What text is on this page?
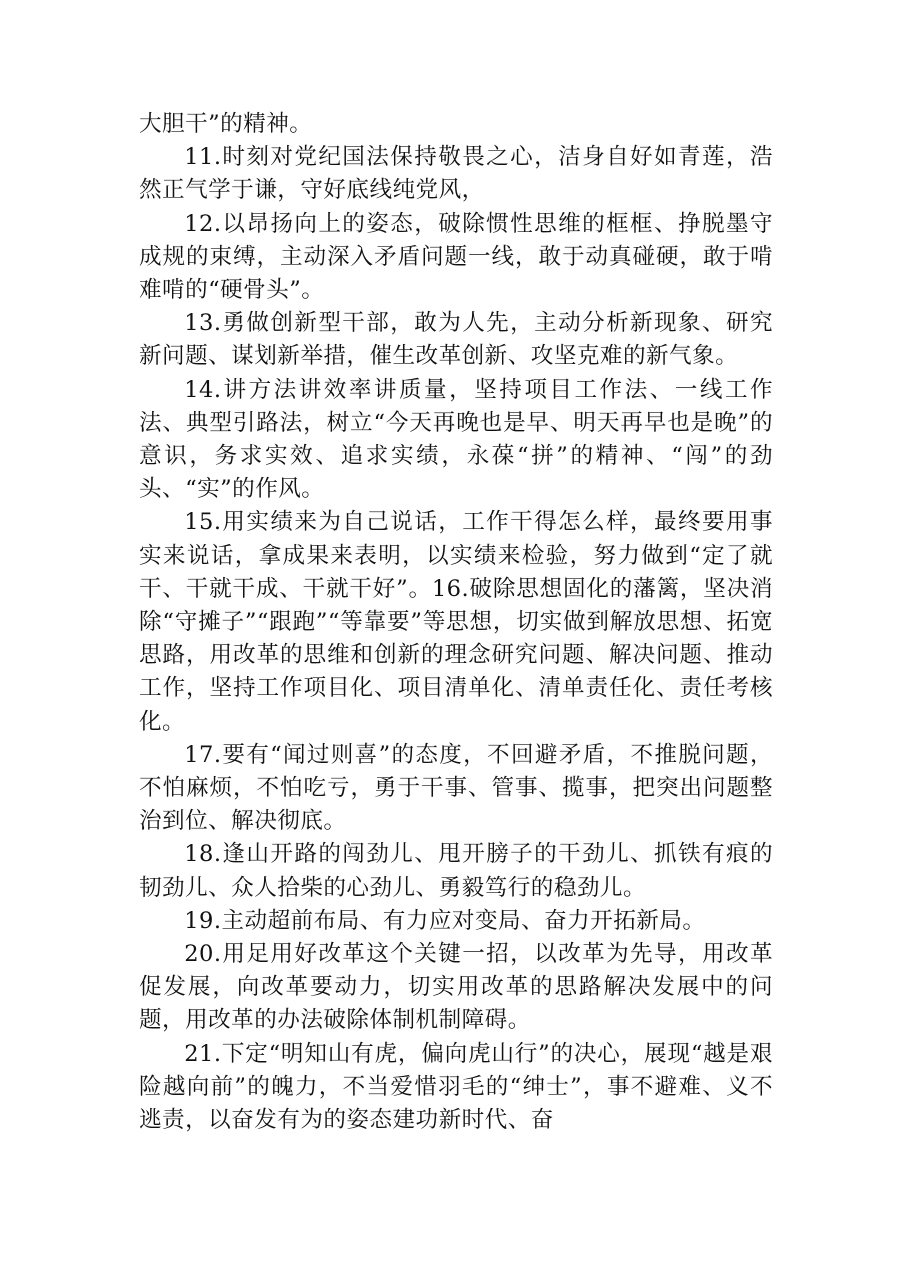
大胆干”的精神。

11.时刻对党纪国法保持敬畏之心，洁身自好如青莲，浩然正气学于谦，守好底线纯党风，

12.以昂扬向上的姿态，破除惯性思维的框框、挣脱墨守成规的束缚，主动深入矛盾问题一线，敢于动真碰硬，敢于啃难啃的“硬骨头”。

13.勇做创新型干部，敢为人先，主动分析新现象、研究新问题、谋划新举措，催生改革创新、攻坚克难的新气象。

14.讲方法讲效率讲质量，坚持项目工作法、一线工作法、典型引路法，树立“今天再晚也是早、明天再早也是晚”的意识，务求实效、追求实绩，永葆“拼”的精神、“闯”的劲头、“实”的作风。

15.用实绩来为自己说话，工作干得怎么样，最终要用事实来说话，拿成果来表明，以实绩来检验，努力做到“定了就干、干就干成、干就干好”。16.破除思想固化的藩篱，坚决消除“守摊子”“跟跑”“等靠要”等思想，切实做到解放思想、拓宽思路，用改革的思维和创新的理念研究问题、解决问题、推动工作，坚持工作项目化、项目清单化、清单责任化、责任考核化。

17.要有“闻过则喜”的态度，不回避矛盾，不推脱问题，不怕麻烦，不怕吃亏，勇于干事、管事、揽事，把突出问题整治到位、解决彻底。

18.逢山开路的闯劲儿、甩开膀子的干劲儿、抓铁有痕的韧劲儿、众人拾柴的心劲儿、勇毅笃行的稳劲儿。

19.主动超前布局、有力应对变局、奋力开拓新局。

20.用足用好改革这个关键一招，以改革为先导，用改革促发展，向改革要动力，切实用改革的思路解决发展中的问题，用改革的办法破除体制机制障碍。

21.下定“明知山有虎，偏向虎山行”的决心，展现“越是艰险越向前”的魄力，不当爱惜羽毛的“绅士”，事不避难、义不逃责，以奋发有为的姿态建功新时代、奋
